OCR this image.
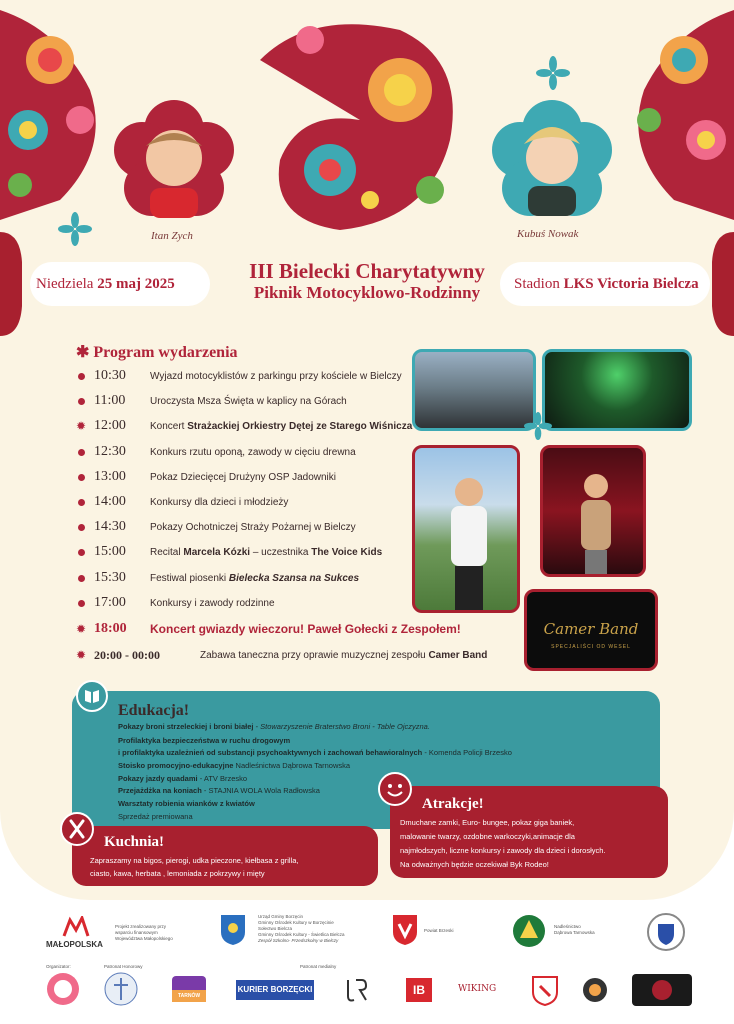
Itan Zych	Kubuś Nowak
Niedziela 25 maj 2025
III Bielecki Charytatywny
Piknik Motocyklowo-Rodzinny	Stadion LKS Victoria Bielcza
✱ Program wydarzenia
10:30	Wyjazd motocyklistów z parkingu przy kościele w Bielczy
11:00	Uroczysta Msza Święta w kaplicy na Górach
✹ 12:00	Koncert Strażackiej Orkiestry Dętej ze Starego Wiśnicza
12:30	Konkurs rzutu oponą, zawody w cięciu drewna
13:00	Pokaz Dziecięcej Drużyny OSP Jadowniki
14:00	Konkursy dla dzieci i młodzieży
14:30	Pokazy Ochotniczej Straży Pożarnej w Bielczy
15:00	Recital Marcela Kózki – uczestnika The Voice Kids
15:30	Festiwal piosenki Bielecka Szansa na Sukces
17:00	Konkursy i zawody rodzinne
✹ 18:00	Koncert gwiazdy wieczoru! Paweł Gołecki z Zespołem!
✹ 20:00 - 00:00	Zabawa taneczna przy oprawie muzycznej zespołu Camer Band
Camer Band
SPECJALIŚCI OD WESEL
Edukacja!
Pokazy broni strzeleckiej i broni białej - Stowarzyszenie Braterstwo Broni - Table Ojczyzna.
Profilaktyka bezpieczeństwa w ruchu drogowym
i profilaktyka uzależnień od substancji psychoaktywnych i zachowań behawioralnych - Komenda Policji Brzesko
Stoisko promocyjno-edukacyjne Nadleśnictwa Dąbrowa Tarnowska
Pokazy jazdy quadami - ATV Brzesko
Przejażdżka na koniach - STAJNIA WOLA Wola Radłowska
Warsztaty robienia wianków z kwiatów
Sprzedaż premiowana
Kuchnia!
Zapraszamy na bigos, pierogi, udka pieczone, kiełbasa z grilla,
ciasto, kawa, herbata , lemoniada z pokrzywy i mięty
Atrakcje!
Dmuchane zamki, Euro- bungee, pokaz giga baniek,
malowanie twarzy, ozdobne warkoczyki,animacje dla
najmłodszych, liczne konkursy i zawody dla dzieci i dorosłych.
Na odważnych będzie oczekiwał Byk Rodeo!
MAŁOPOLSKA
Projekt zrealizowany przy
wsparciu finansowym
Województwa Małopolskiego
Urząd Gminy Borzęcin
Gminny Ośrodek Kultury w Borzęcinie
Sołectwo Bielcza
Gminny Ośrodek Kultury - Świetlica Bielcza
Zespół Szkolno- Przedszkolny w Bielczy
Powiat Brzeski
Nadleśnictwo
Dąbrowa Tarnowska
Organizator:	Patronat Honorowy	Patronat medialny
TARNÓW
KURIER BORZĘCKI	IB	WIKING
